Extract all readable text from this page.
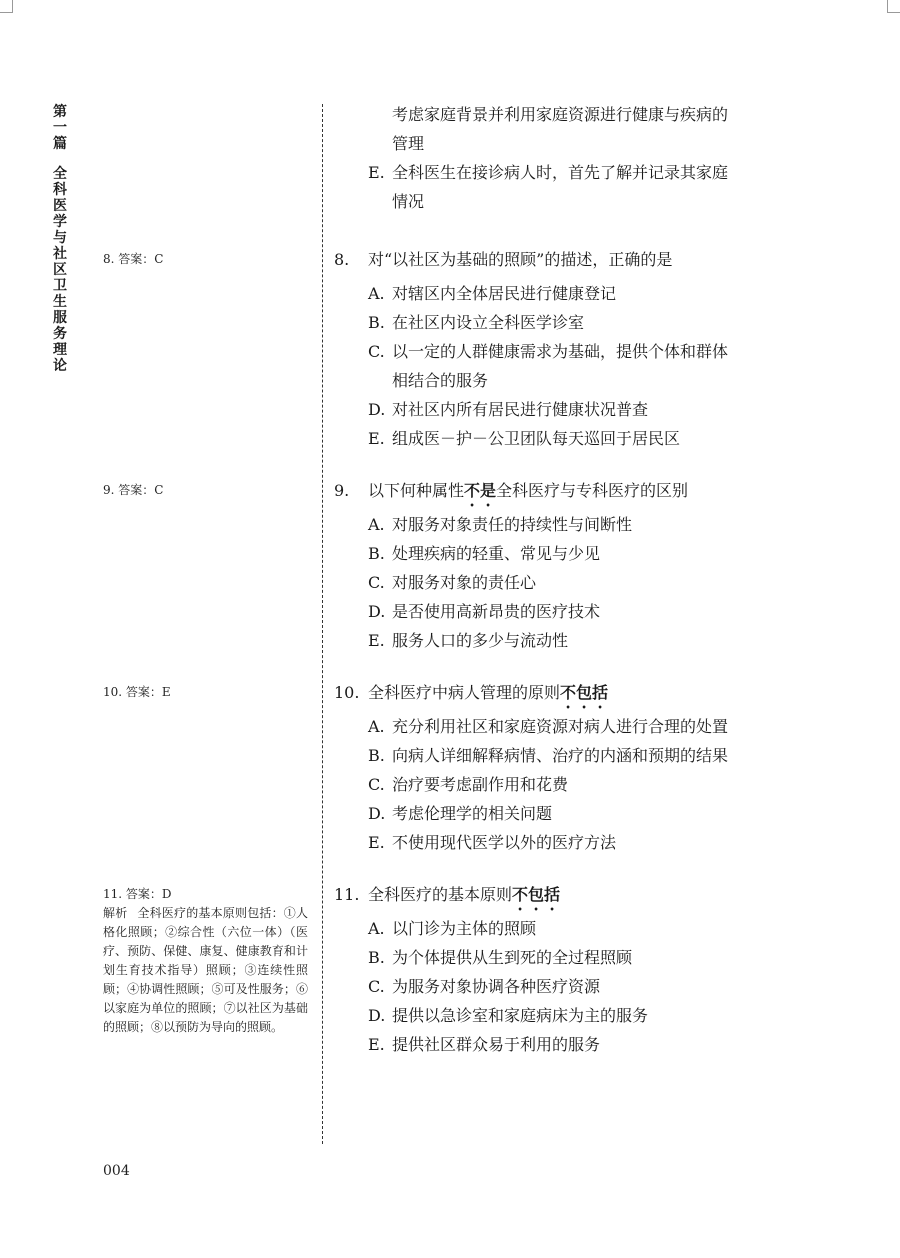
第
一
篇
全
科
医
学
与
社
区
卫
生
服
务
理
论
考虑家庭背景并利用家庭资源进行健康与疾病的
管理
E. 全科医生在接诊病人时，首先了解并记录其家庭
情况
8. 答案：C
9. 答案：C
10. 答案：E
11. 答案：D
解析 全科医疗的基本原则包括：①人格化照顾；②综合性（六位一体）（医疗、预防、保健、康复、健康教育和计划生育技术指导）照顾；③连续性照顾；④协调性照顾；⑤可及性服务；⑥以家庭为单位的照顾；⑦以社区为基础的照顾；⑧以预防为导向的照顾。
8.	对“以社区为基础的照顾”的描述，正确的是
A. 对辖区内全体居民进行健康登记
B. 在社区内设立全科医学诊室
C. 以一定的人群健康需求为基础，提供个体和群体
相结合的服务
D. 对社区内所有居民进行健康状况普查
E. 组成医－护－公卫团队每天巡回于居民区
9.	以下何种属性不是全科医疗与专科医疗的区别
A. 对服务对象责任的持续性与间断性
B. 处理疾病的轻重、常见与少见
C. 对服务对象的责任心
D. 是否使用高新昂贵的医疗技术
E. 服务人口的多少与流动性
10. 全科医疗中病人管理的原则不包括
A. 充分利用社区和家庭资源对病人进行合理的处置
B. 向病人详细解释病情、治疗的内涵和预期的结果
C. 治疗要考虑副作用和花费
D. 考虑伦理学的相关问题
E. 不使用现代医学以外的医疗方法
11. 全科医疗的基本原则不包括
A. 以门诊为主体的照顾
B. 为个体提供从生到死的全过程照顾
C. 为服务对象协调各种医疗资源
D. 提供以急诊室和家庭病床为主的服务
E. 提供社区群众易于利用的服务
004
